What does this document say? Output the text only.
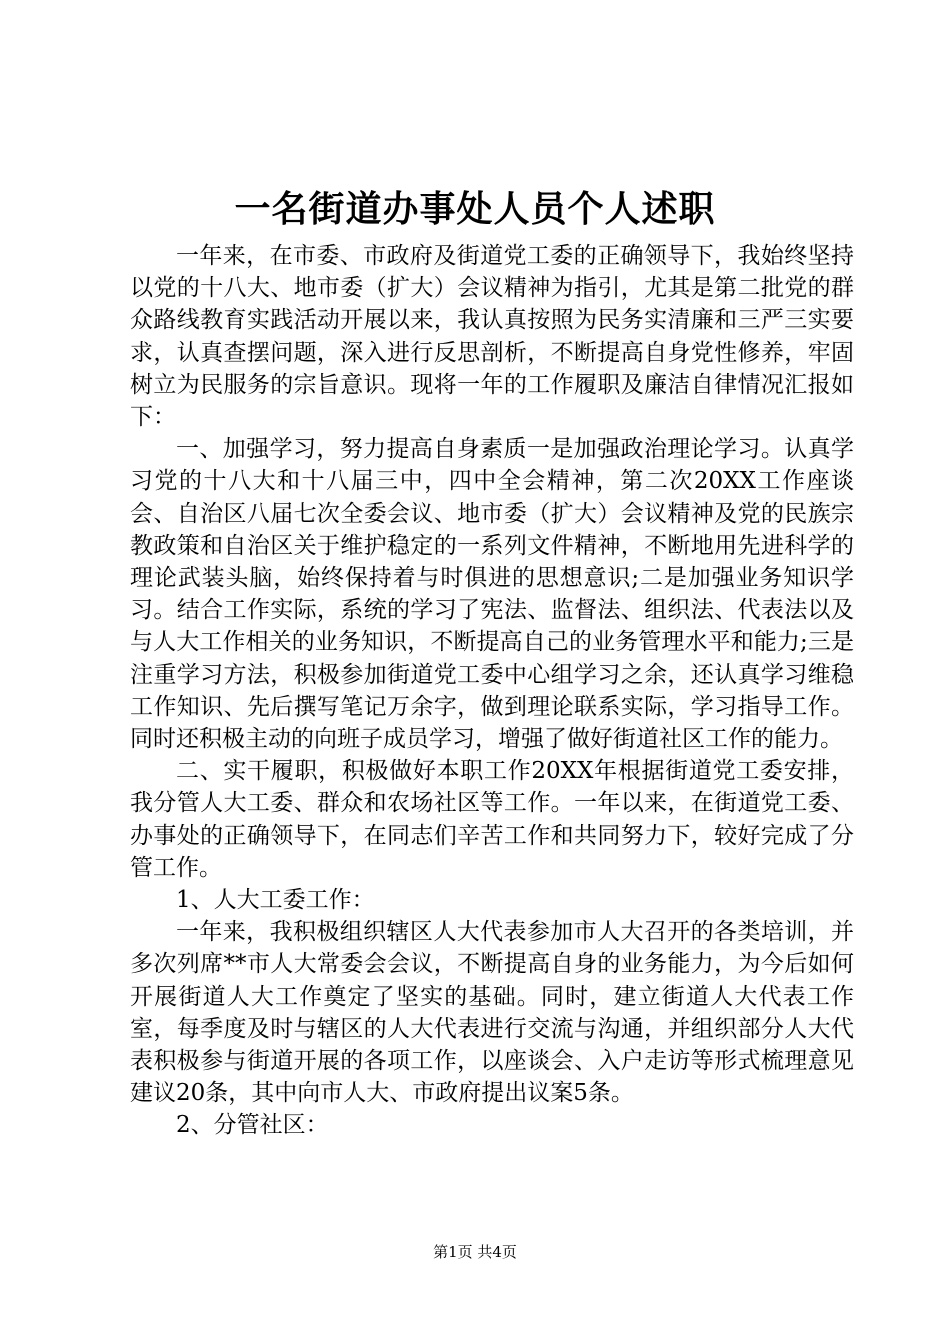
一名街道办事处人员个人述职

一年来，在市委、市政府及街道党工委的正确领导下，我始终坚持以党的十八大、地市委（扩大）会议精神为指引，尤其是第二批党的群众路线教育实践活动开展以来，我认真按照为民务实清廉和三严三实要求，认真查摆问题，深入进行反思剖析，不断提高自身党性修养，牢固树立为民服务的宗旨意识。现将一年的工作履职及廉洁自律情况汇报如下：

一、加强学习，努力提高自身素质一是加强政治理论学习。认真学习党的十八大和十八届三中，四中全会精神，第二次20XX工作座谈会、自治区八届七次全委会议、地市委（扩大）会议精神及党的民族宗教政策和自治区关于维护稳定的一系列文件精神，不断地用先进科学的理论武装头脑，始终保持着与时俱进的思想意识;二是加强业务知识学习。结合工作实际，系统的学习了宪法、监督法、组织法、代表法以及与人大工作相关的业务知识，不断提高自己的业务管理水平和能力;三是注重学习方法，积极参加街道党工委中心组学习之余，还认真学习维稳工作知识、先后撰写笔记万余字，做到理论联系实际，学习指导工作。同时还积极主动的向班子成员学习，增强了做好街道社区工作的能力。

二、实干履职，积极做好本职工作20XX年根据街道党工委安排，我分管人大工委、群众和农场社区等工作。一年以来，在街道党工委、办事处的正确领导下，在同志们辛苦工作和共同努力下，较好完成了分管工作。

1、人大工委工作：

一年来，我积极组织辖区人大代表参加市人大召开的各类培训，并多次列席**市人大常委会会议，不断提高自身的业务能力，为今后如何开展街道人大工作奠定了坚实的基础。同时，建立街道人大代表工作室，每季度及时与辖区的人大代表进行交流与沟通，并组织部分人大代表积极参与街道开展的各项工作，以座谈会、入户走访等形式梳理意见建议20条，其中向市人大、市政府提出议案5条。

2、分管社区：

第1页 共4页
